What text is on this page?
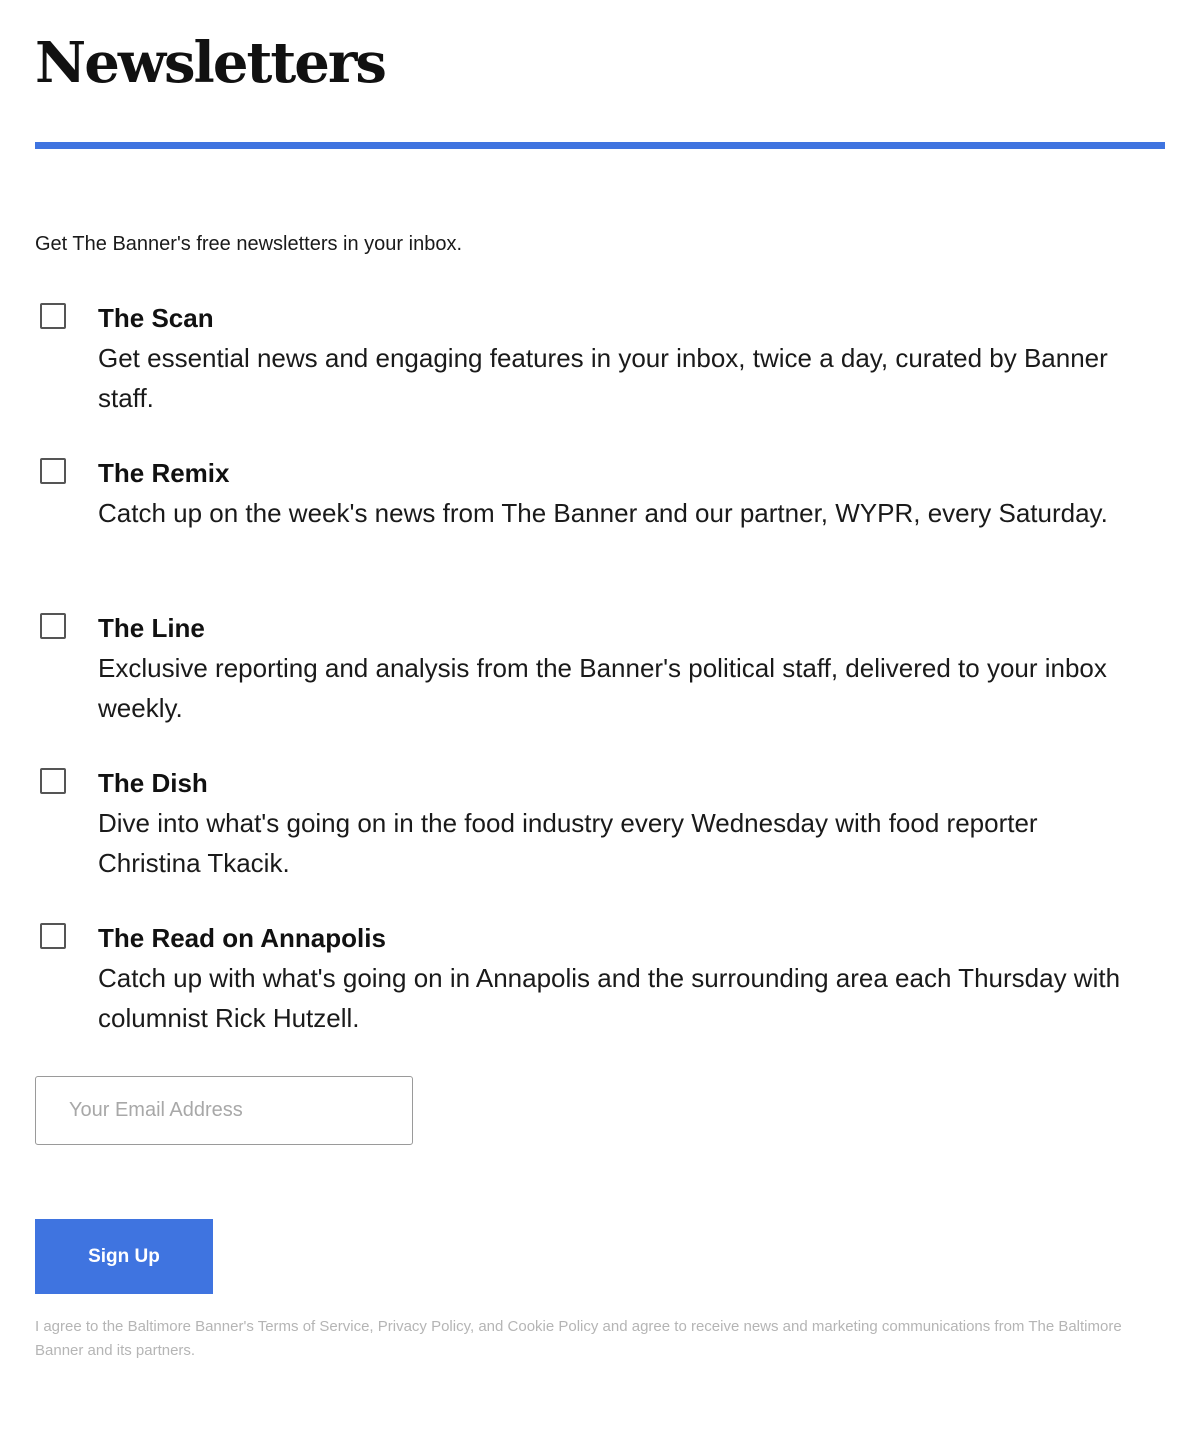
Newsletters
Get The Banner's free newsletters in your inbox.
The Scan
Get essential news and engaging features in your inbox, twice a day, curated by Banner staff.
The Remix
Catch up on the week's news from The Banner and our partner, WYPR, every Saturday.
The Line
Exclusive reporting and analysis from the Banner's political staff, delivered to your inbox weekly.
The Dish
Dive into what's going on in the food industry every Wednesday with food reporter Christina Tkacik.
The Read on Annapolis
Catch up with what's going on in Annapolis and the surrounding area each Thursday with columnist Rick Hutzell.
Your Email Address
Sign Up
I agree to the Baltimore Banner's Terms of Service, Privacy Policy, and Cookie Policy and agree to receive news and marketing communications from The Baltimore Banner and its partners.
